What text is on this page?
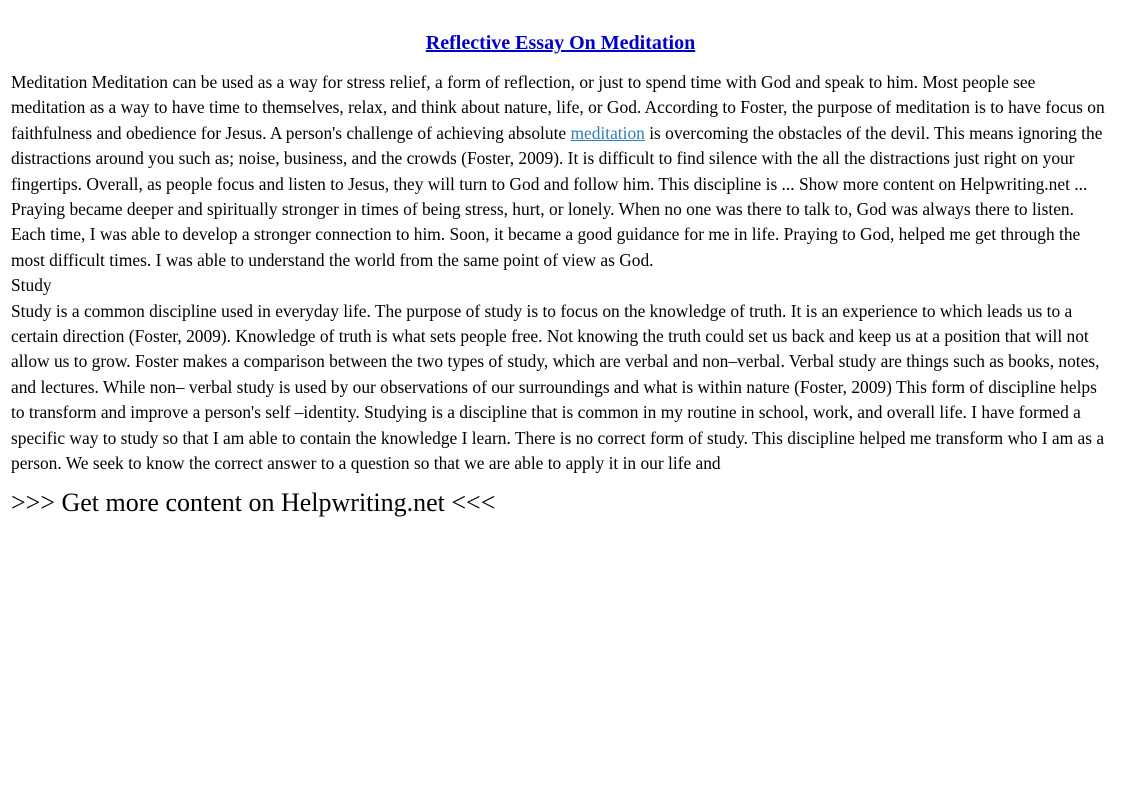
Reflective Essay On Meditation
Meditation Meditation can be used as a way for stress relief, a form of reflection, or just to spend time with God and speak to him. Most people see meditation as a way to have time to themselves, relax, and think about nature, life, or God. According to Foster, the purpose of meditation is to have focus on faithfulness and obedience for Jesus. A person's challenge of achieving absolute meditation is overcoming the obstacles of the devil. This means ignoring the distractions around you such as; noise, business, and the crowds (Foster, 2009). It is difficult to find silence with the all the distractions just right on your fingertips. Overall, as people focus and listen to Jesus, they will turn to God and follow him. This discipline is ... Show more content on Helpwriting.net ...
Praying became deeper and spiritually stronger in times of being stress, hurt, or lonely. When no one was there to talk to, God was always there to listen. Each time, I was able to develop a stronger connection to him. Soon, it became a good guidance for me in life. Praying to God, helped me get through the most difficult times. I was able to understand the world from the same point of view as God.
Study
Study is a common discipline used in everyday life. The purpose of study is to focus on the knowledge of truth. It is an experience to which leads us to a certain direction (Foster, 2009). Knowledge of truth is what sets people free. Not knowing the truth could set us back and keep us at a position that will not allow us to grow. Foster makes a comparison between the two types of study, which are verbal and non–verbal. Verbal study are things such as books, notes, and lectures. While non– verbal study is used by our observations of our surroundings and what is within nature (Foster, 2009) This form of discipline helps to transform and improve a person's self –identity. Studying is a discipline that is common in my routine in school, work, and overall life. I have formed a specific way to study so that I am able to contain the knowledge I learn. There is no correct form of study. This discipline helped me transform who I am as a person. We seek to know the correct answer to a question so that we are able to apply it in our life and
>>> Get more content on Helpwriting.net <<<
